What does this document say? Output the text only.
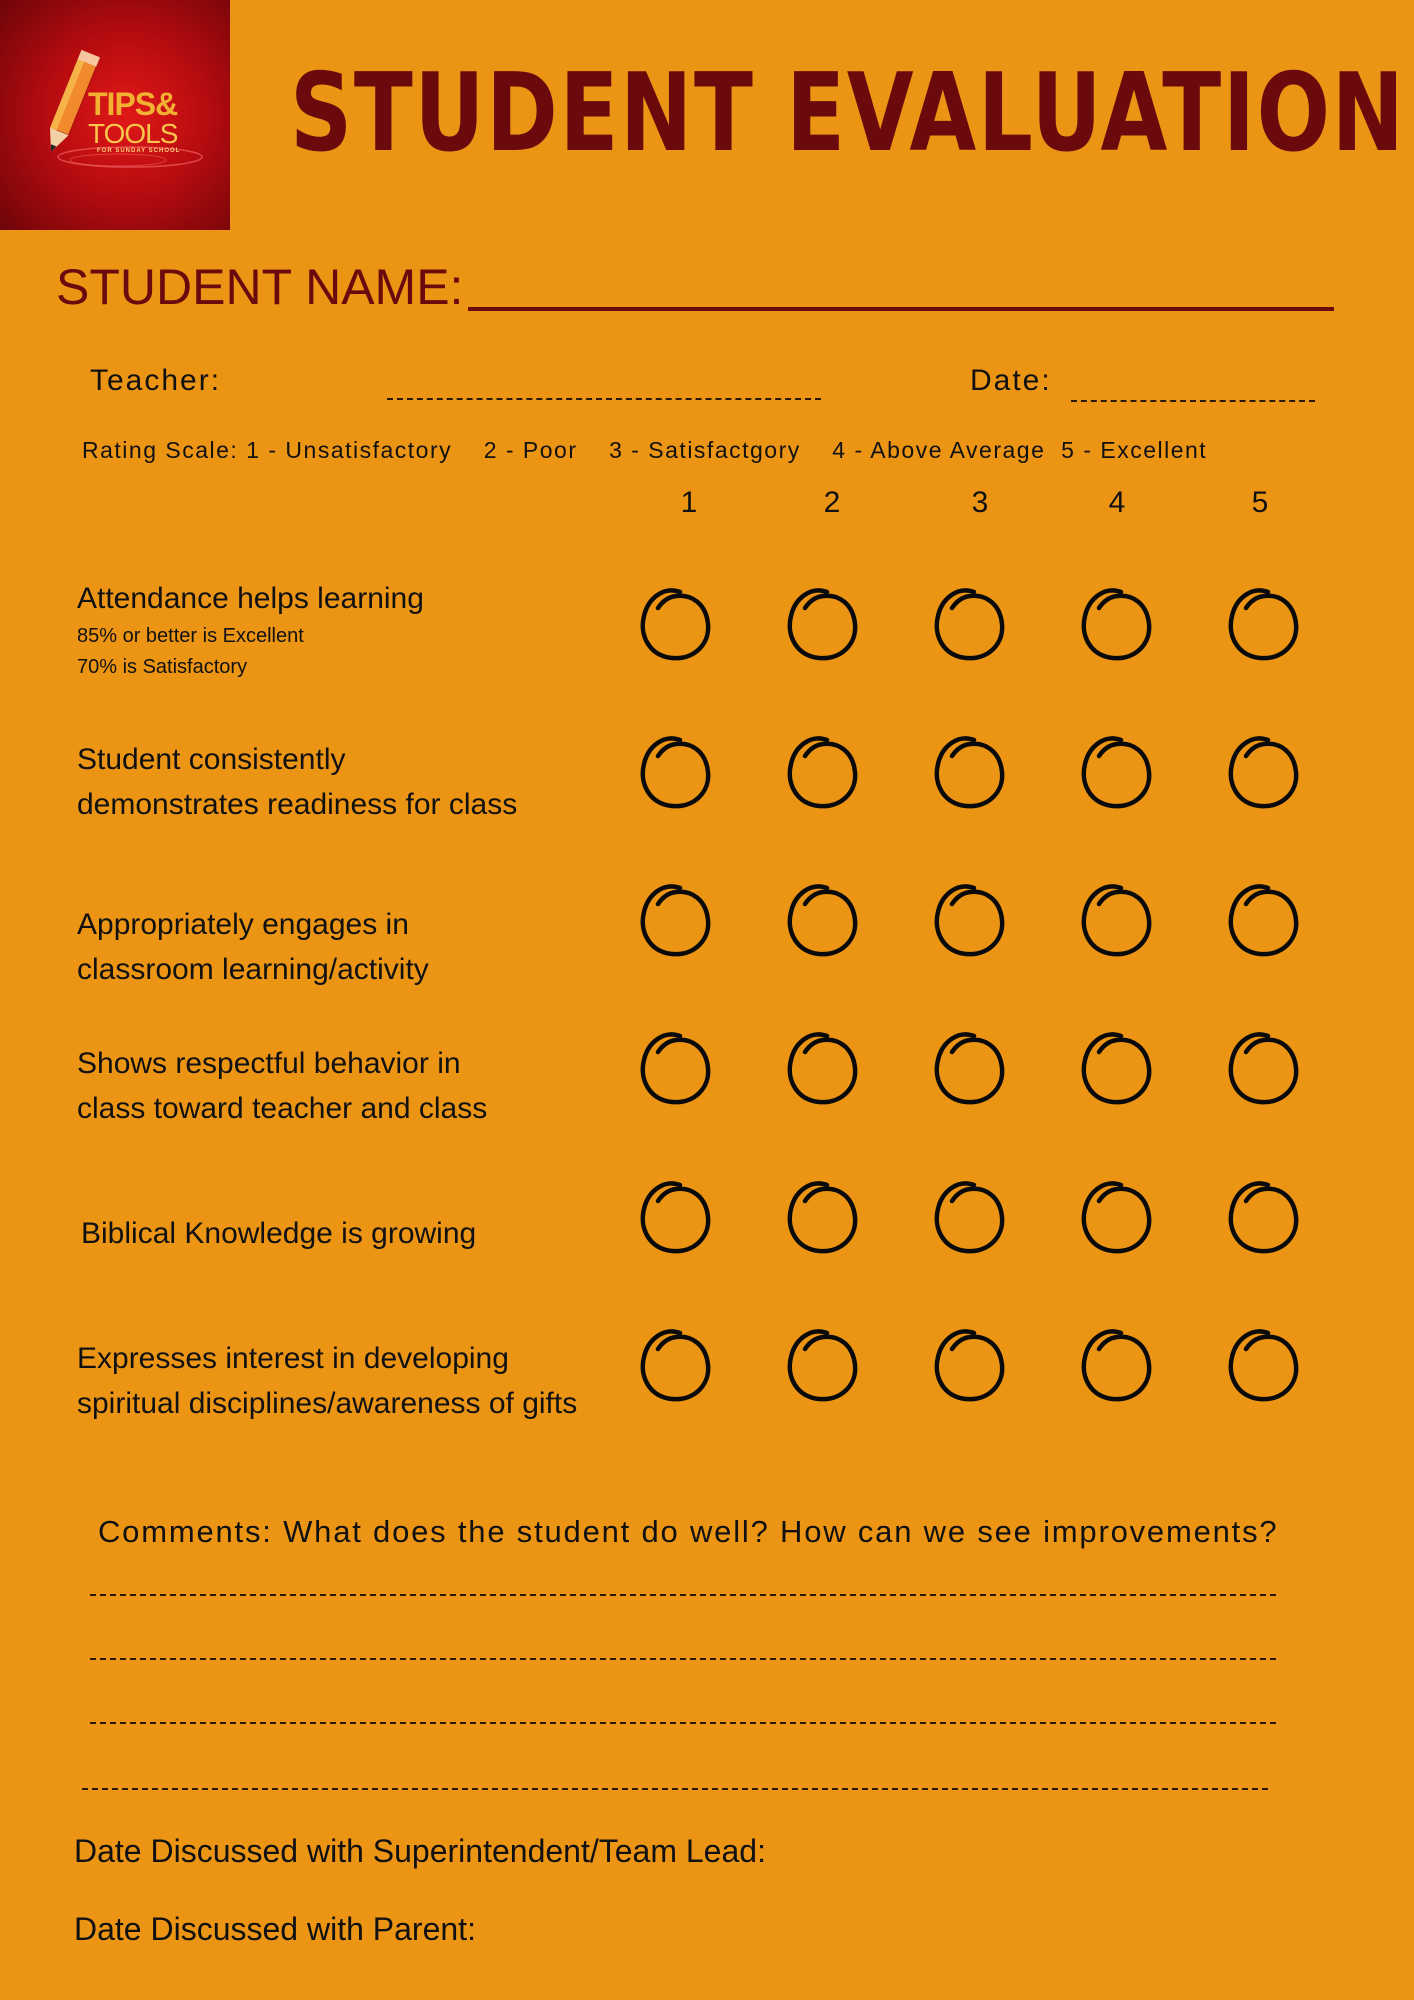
TIPS&
TOOLS
FOR SUNDAY SCHOOL STUDENT EVALUATION
STUDENT NAME:
Teacher:	Date:
Rating Scale: 1 - Unsatisfactory    2 - Poor    3 - Satisfactgory    4 - Above Average  5 - Excellent
1	2	3	4	5
Attendance helps learning
85% or better is Excellent
70% is Satisfactory
Student consistently
demonstrates readiness for class
Appropriately engages in
classroom learning/activity
Shows respectful behavior in
class toward teacher and class
Biblical Knowledge is growing
Expresses interest in developing
spiritual disciplines/awareness of gifts
Comments: What does the student do well? How can we see improvements?
Date Discussed with Superintendent/Team Lead:
Date Discussed with Parent:
